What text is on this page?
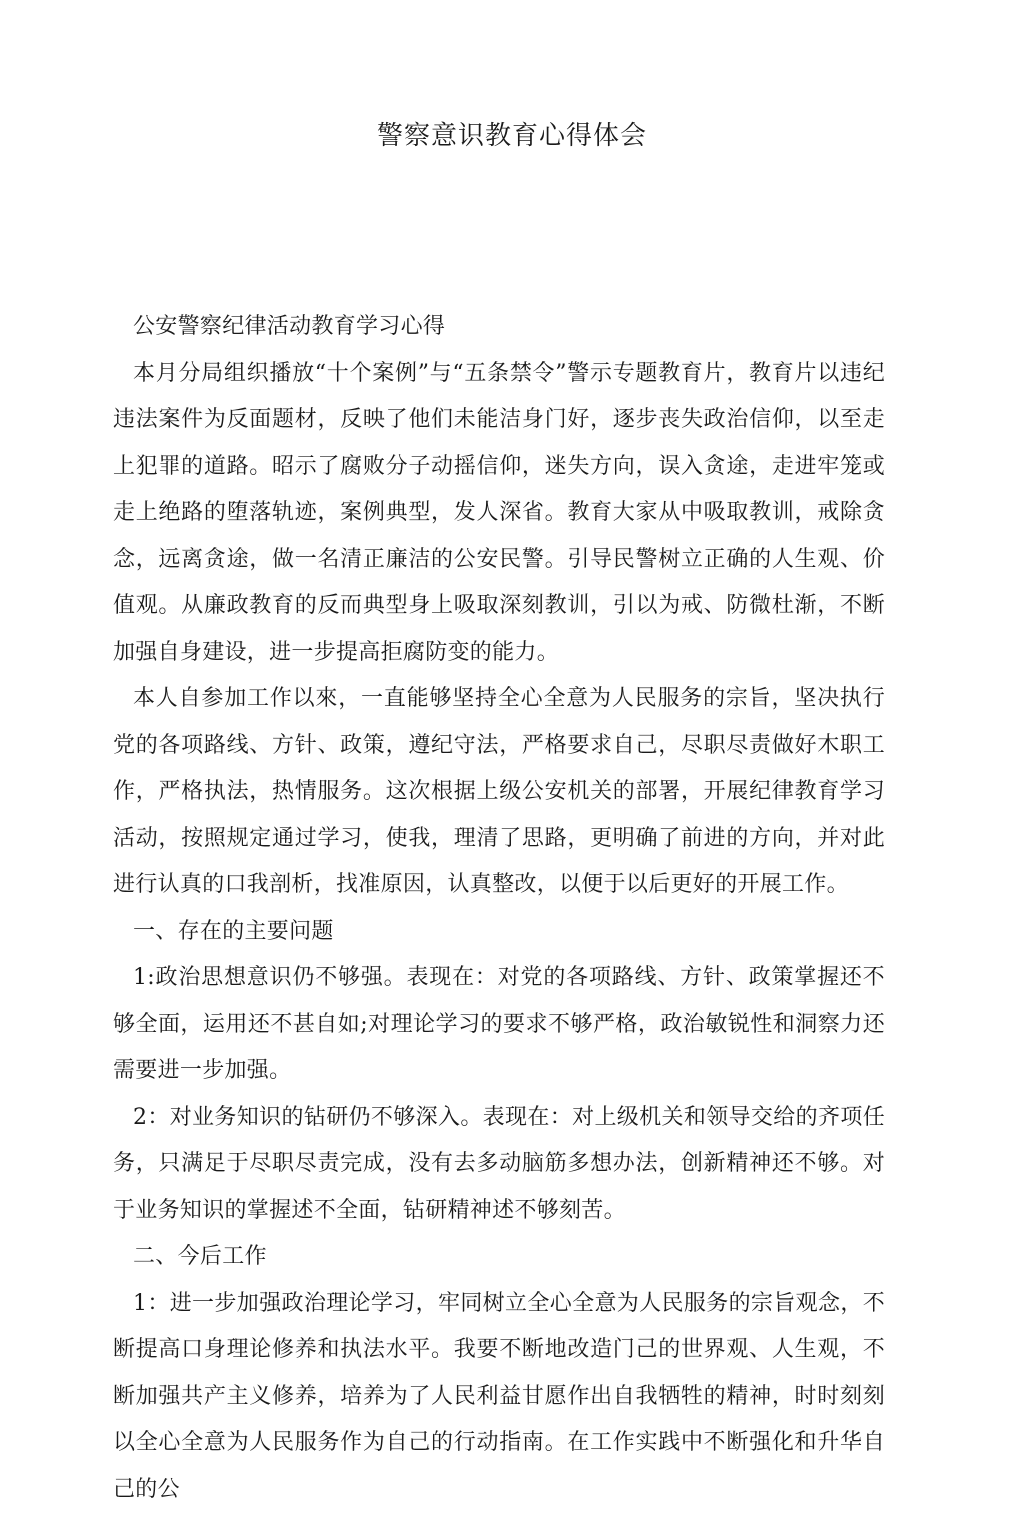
警察意识教育心得体会

公安警察纪律活动教育学习心得

本月分局组织播放“十个案例”与“五条禁令”警示专题教育片，教育片以违纪违法案件为反面题材，反映了他们未能洁身门好，逐步丧失政治信仰，以至走上犯罪的道路。昭示了腐败分子动摇信仰，迷失方向，误入贪途，走进牢笼或走上绝路的堕落轨迹，案例典型，发人深省。教育大家从中吸取教训，戒除贪念，远离贪途，做一名清正廉洁的公安民警。引导民警树立正确的人生观、价值观。从廉政教育的反而典型身上吸取深刻教训，引以为戒、防微杜渐，不断加强自身建设，进一步提高拒腐防变的能力。

本人自参加工作以來，一直能够坚持全心全意为人民服务的宗旨，坚决执行党的各项路线、方针、政策，遵纪守法，严格要求自己，尽职尽责做好木职工作，严格执法，热情服务。这次根据上级公安机关的部署，开展纪律教育学习活动，按照规定通过学习，使我，理清了思路，更明确了前进的方向，并对此进行认真的口我剖析，找准原因，认真整改，以便于以后更好的开展工作。

一、存在的主要问题

1:政治思想意识仍不够强。表现在：对党的各项路线、方针、政策掌握还不够全面，运用还不甚自如;对理论学习的要求不够严格，政治敏锐性和洞察力还需要进一步加强。

2：对业务知识的钻研仍不够深入。表现在：对上级机关和领导交给的齐项任务，只满足于尽职尽责完成，没有去多动脑筋多想办法，创新精神还不够。对于业务知识的掌握述不全面，钻研精神述不够刻苦。

二、今后工作

1：进一步加强政治理论学习，牢同树立全心全意为人民服务的宗旨观念，不断提高口身理论修养和执法水平。我要不断地改造门己的世界观、人生观，不断加强共产主义修养，培养为了人民利益甘愿作出自我牺牲的精神，时时刻刻以全心全意为人民服务作为自己的行动指南。在工作实践中不断强化和升华自己的公
